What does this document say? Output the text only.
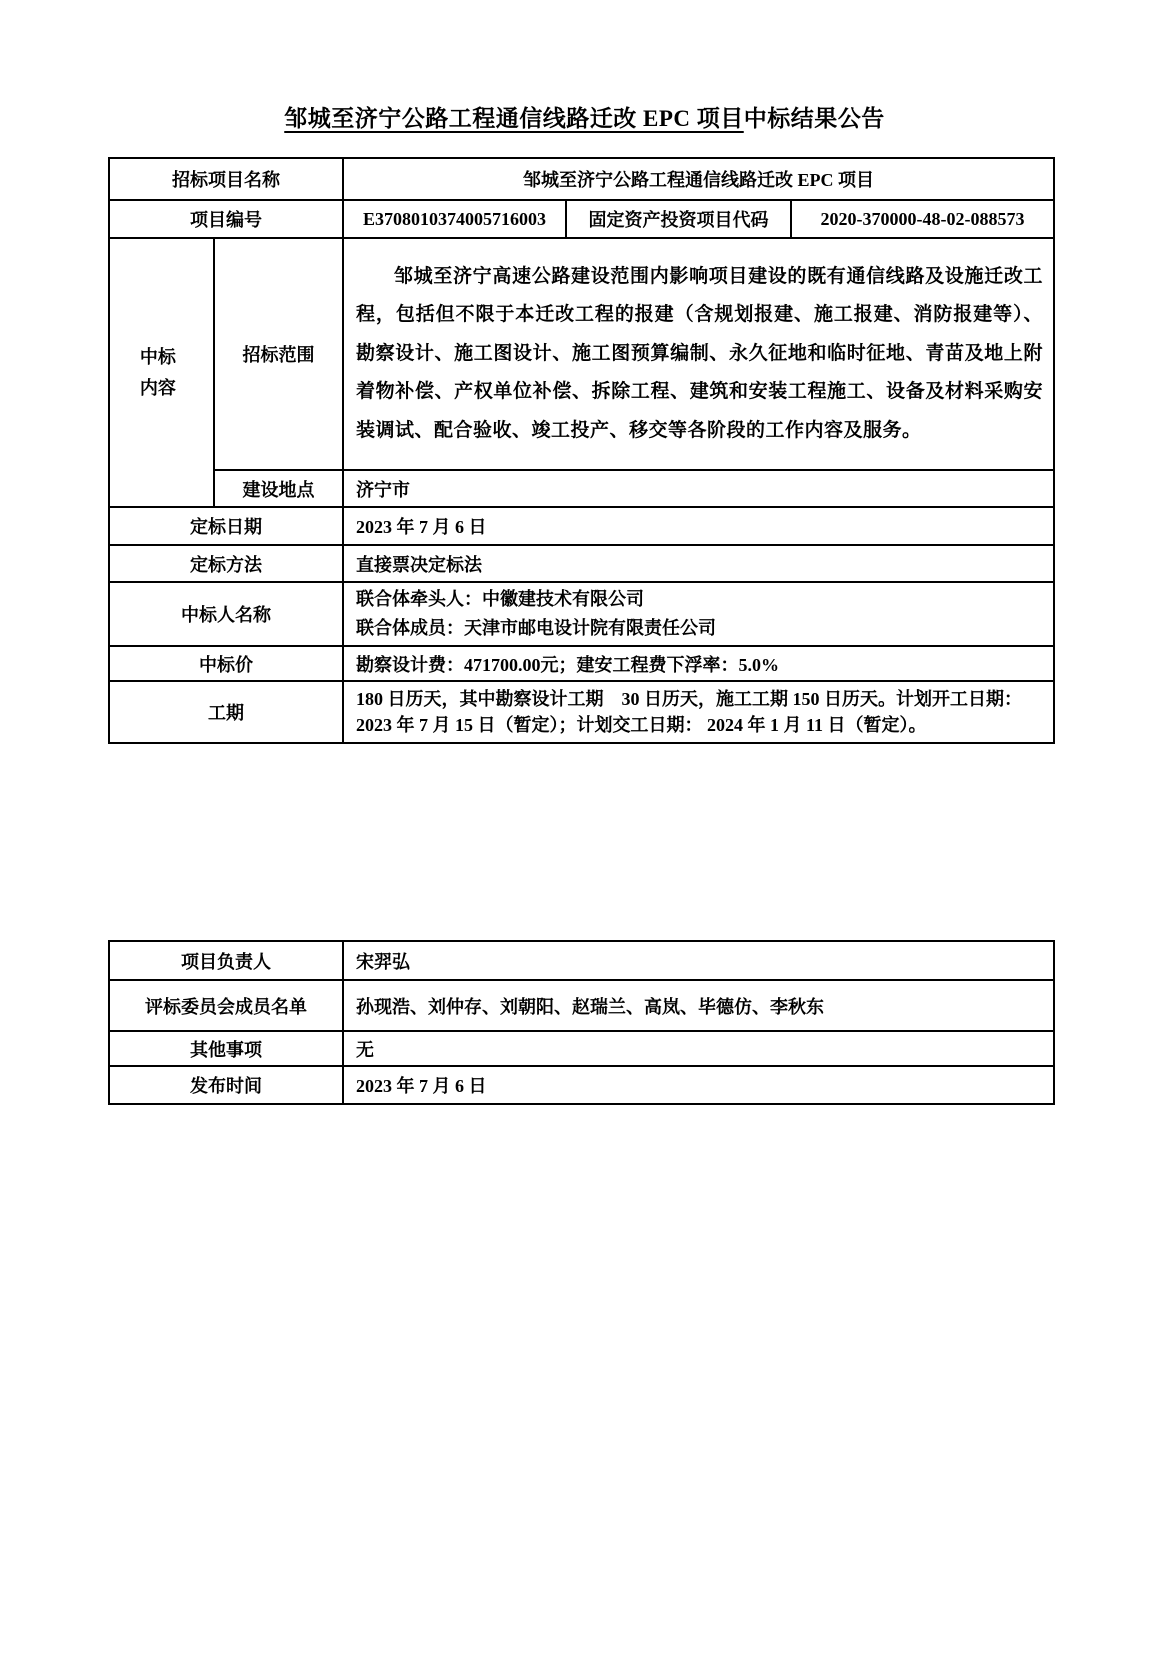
邹城至济宁公路工程通信线路迁改 EPC 项目中标结果公告
招标项目名称		邹城至济宁公路工程通信线路迁改 EPC 项目		
项目编号		E3708010374005716003	固定资产投资项目代码	2020-370000-48-02-088573

中标内容	招标范围	邹城至济宁高速公路建设范围内影响项目建设的既有通信线路及设施迁改工程，包括但不限于本迁改工程的报建（含规划报建、施工报建、消防报建等）、勘察设计、施工图设计、施工图预算编制、永久征地和临时征地、青苗及地上附着物补偿、产权单位补偿、拆除工程、建筑和安装工程施工、设备及材料采购安装调试、配合验收、竣工投产、移交等各阶段的工作内容及服务。		

	建设地点	济宁市		
定标日期		2023 年 7 月 6 日		
定标方法		直接票决定标法		
中标人名称		联合体牵头人：中徽建技术有限公司
联合体成员：天津市邮电设计院有限责任公司		

中标价		勘察设计费：471700.00元；建安工程费下浮率：5.0%		
工期		180 日历天，其中勘察设计工期    30 日历天，施工工期 150 日历天。计划开工日期：2023 年 7 月 15 日（暂定）；计划交工日期： 2024 年 1 月 11 日（暂定）。		
项目负责人	宋羿弘
评标委员会成员名单	孙现浩、刘仲存、刘朝阳、赵瑞兰、高岚、毕德仿、李秋东
其他事项	无
发布时间	2023 年 7 月 6 日
